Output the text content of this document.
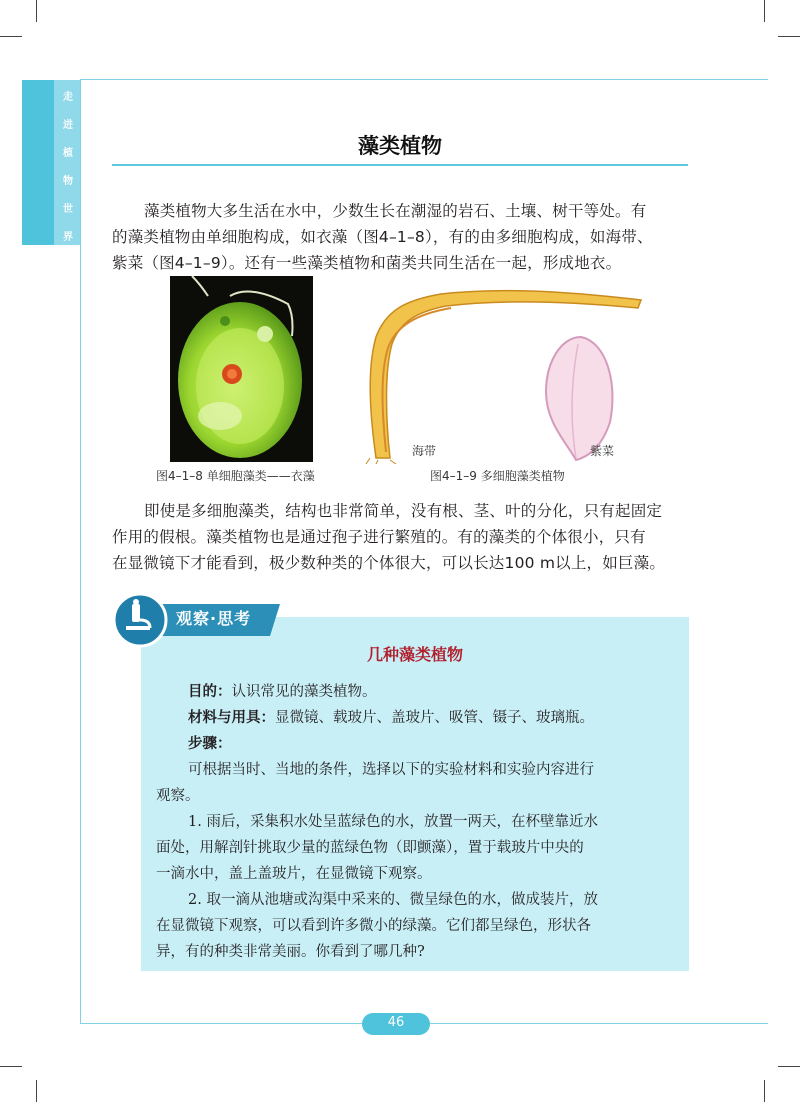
走
进
植
物
世
界
藻类植物
藻类植物大多生活在水中，少数生长在潮湿的岩石、土壤、树干等处。有
的藻类植物由单细胞构成，如衣藻（图4–1–8），有的由多细胞构成，如海带、
紫菜（图4–1–9）。还有一些藻类植物和菌类共同生活在一起，形成地衣。
图4–1–8 单细胞藻类——衣藻
海带	紫菜
图4–1–9 多细胞藻类植物
即使是多细胞藻类，结构也非常简单，没有根、茎、叶的分化，只有起固定
作用的假根。藻类植物也是通过孢子进行繁殖的。有的藻类的个体很小，只有
在显微镜下才能看到，极少数种类的个体很大，可以长达100 m以上，如巨藻。
观察·思考
几种藻类植物
目的：认识常见的藻类植物。
材料与用具：显微镜、载玻片、盖玻片、吸管、镊子、玻璃瓶。
步骤：
可根据当时、当地的条件，选择以下的实验材料和实验内容进行
观察。
1. 雨后，采集积水处呈蓝绿色的水，放置一两天，在杯壁靠近水
面处，用解剖针挑取少量的蓝绿色物（即颤藻），置于载玻片中央的
一滴水中，盖上盖玻片，在显微镜下观察。
2. 取一滴从池塘或沟渠中采来的、微呈绿色的水，做成装片，放
在显微镜下观察，可以看到许多微小的绿藻。它们都呈绿色，形状各
异，有的种类非常美丽。你看到了哪几种?
46
